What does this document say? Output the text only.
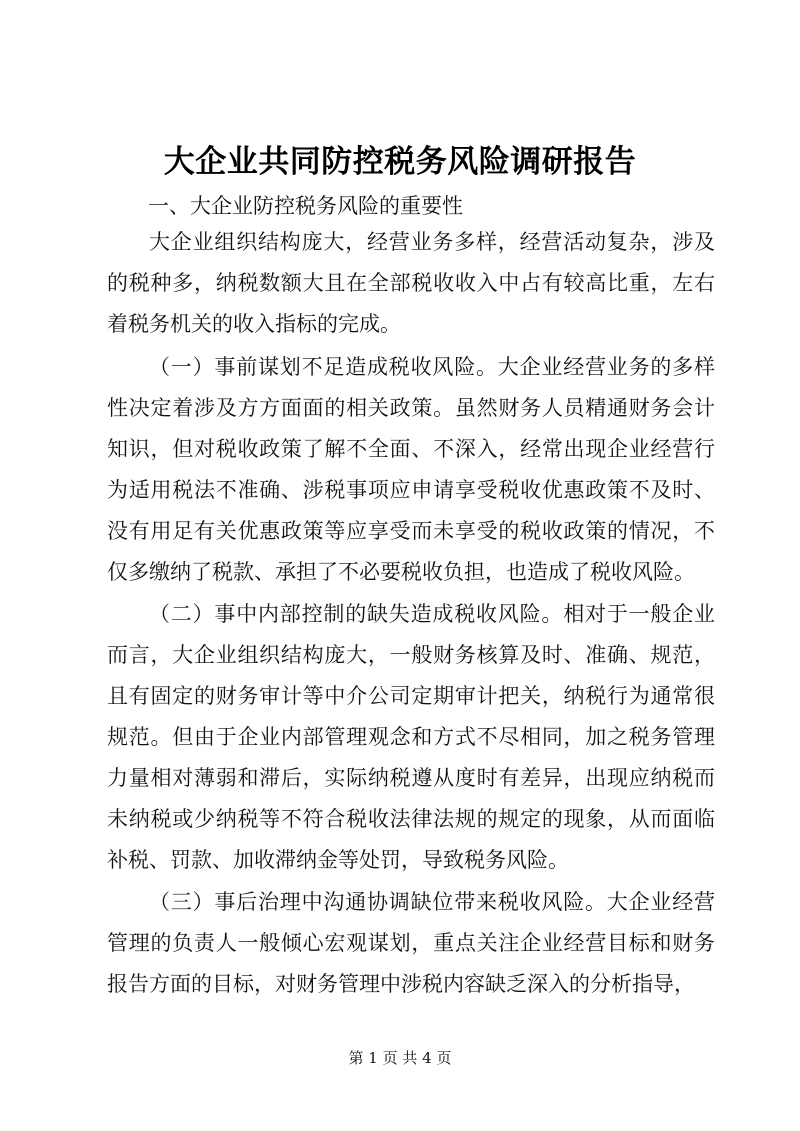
大企业共同防控税务风险调研报告
一、大企业防控税务风险的重要性

大企业组织结构庞大，经营业务多样，经营活动复杂，涉及的税种多，纳税数额大且在全部税收收入中占有较高比重，左右着税务机关的收入指标的完成。

（一）事前谋划不足造成税收风险。大企业经营业务的多样性决定着涉及方方面面的相关政策。虽然财务人员精通财务会计知识，但对税收政策了解不全面、不深入，经常出现企业经营行为适用税法不准确、涉税事项应申请享受税收优惠政策不及时、没有用足有关优惠政策等应享受而未享受的税收政策的情况，不仅多缴纳了税款、承担了不必要税收负担，也造成了税收风险。

（二）事中内部控制的缺失造成税收风险。相对于一般企业而言，大企业组织结构庞大，一般财务核算及时、准确、规范，且有固定的财务审计等中介公司定期审计把关，纳税行为通常很规范。但由于企业内部管理观念和方式不尽相同，加之税务管理力量相对薄弱和滞后，实际纳税遵从度时有差异，出现应纳税而未纳税或少纳税等不符合税收法律法规的规定的现象，从而面临补税、罚款、加收滞纳金等处罚，导致税务风险。

（三）事后治理中沟通协调缺位带来税收风险。大企业经营管理的负责人一般倾心宏观谋划，重点关注企业经营目标和财务报告方面的目标，对财务管理中涉税内容缺乏深入的分析指导，

第 1 页 共 4 页
